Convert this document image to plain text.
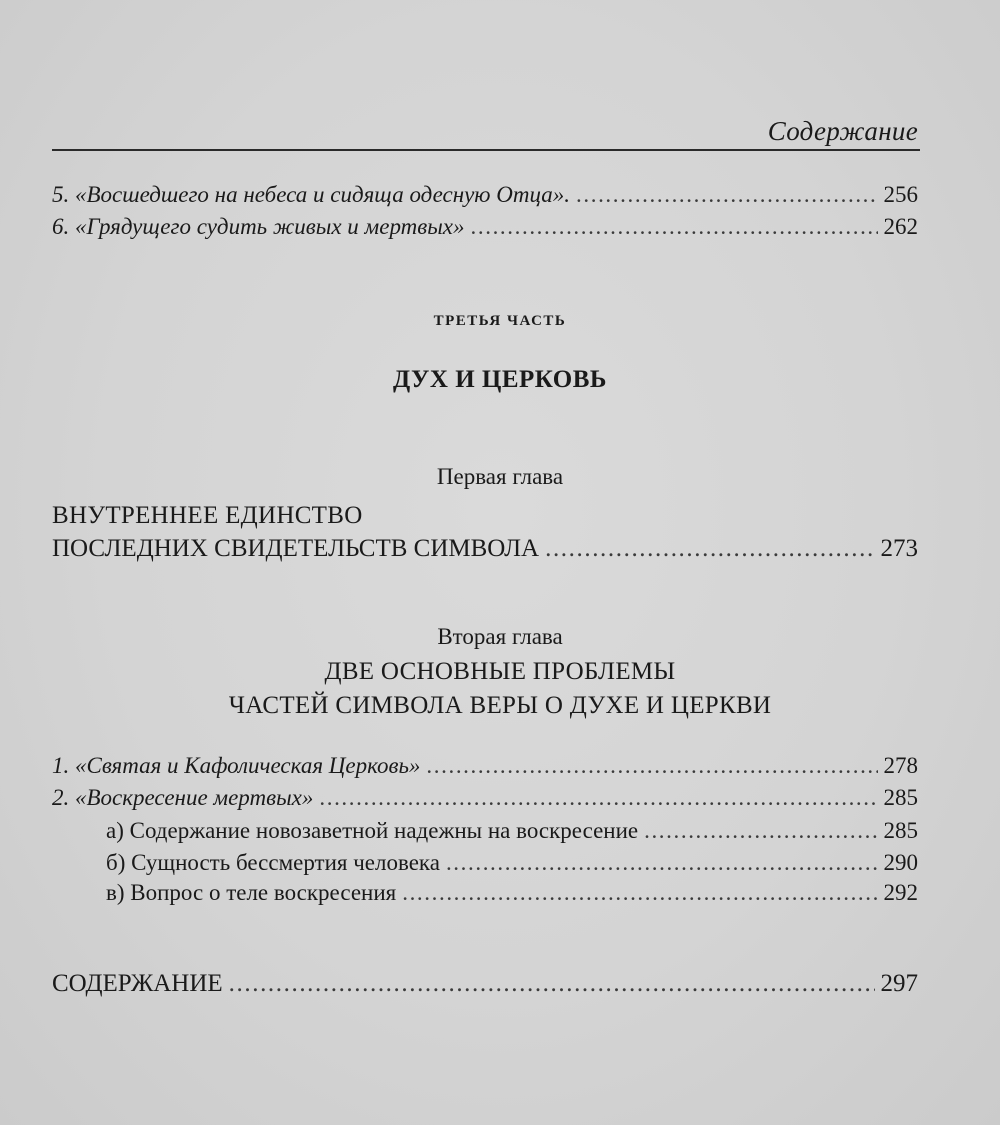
Содержание
5. «Восшедшего на небеса и сидяща одесную Отца». .....	256
6. «Грядущего судить живых и мертвых» .....	262
ТРЕТЬЯ ЧАСТЬ
ДУХ И ЦЕРКОВЬ
Первая глава
ВНУТРЕННЕЕ ЕДИНСТВО
ПОСЛЕДНИХ СВИДЕТЕЛЬСТВ СИМВОЛА .....	273
Вторая глава
ДВЕ ОСНОВНЫЕ ПРОБЛЕМЫ
ЧАСТЕЙ СИМВОЛА ВЕРЫ О ДУХЕ И ЦЕРКВИ
1. «Святая и Кафолическая Церковь» .....	278
2. «Воскресение мертвых» .....	285
а) Содержание новозаветной надежны на воскресение .....	285
б) Сущность бессмертия человека .....	290
в) Вопрос о теле воскресения .....	292
СОДЕРЖАНИЕ .....	297
